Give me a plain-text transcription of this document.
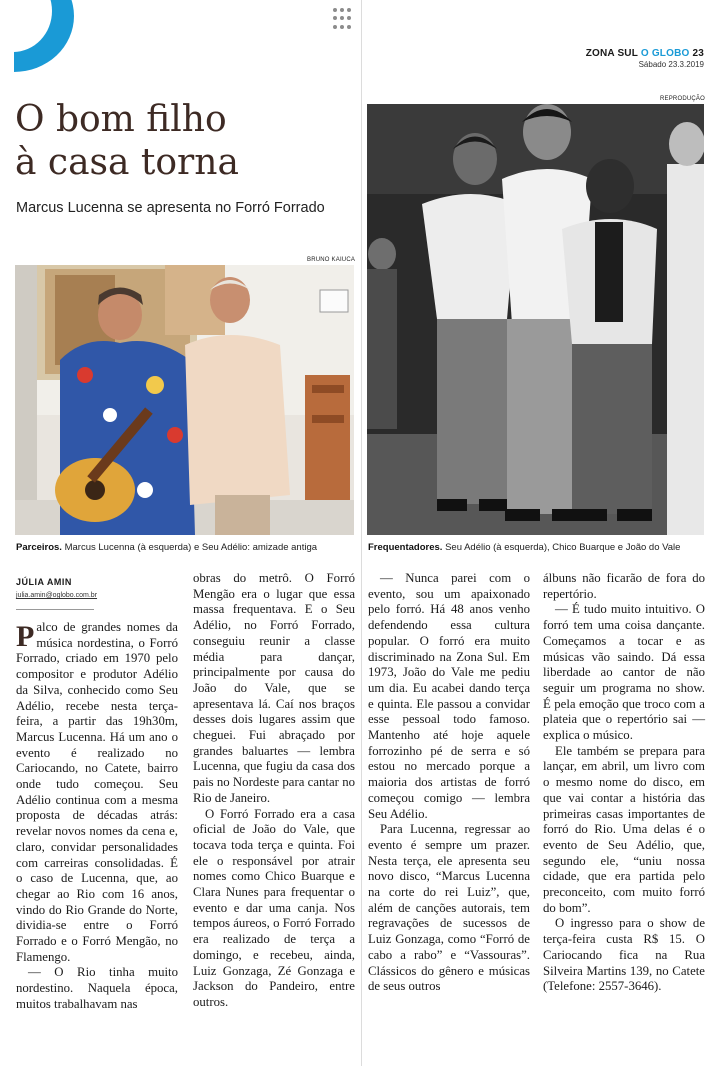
ZONA SUL O GLOBO 23
Sábado 23.3.2019
O bom filho
à casa torna
Marcus Lucenna se apresenta no Forró Forrado
BRUNO KAIUCA
Parceiros. Marcus Lucenna (à esquerda) e Seu Adélio: amizade antiga
REPRODUÇÃO
Frequentadores. Seu Adélio (à esquerda), Chico Buarque e João do Vale
JÚLIA AMIN
julia.amin@oglobo.com.br

Palco de grandes nomes da música nordestina, o Forró Forrado, criado em 1970 pelo compositor e produtor Adélio da Silva, conhecido como Seu Adélio, recebe nesta terça-feira, a partir das 19h30m, Marcus Lucenna. Há um ano o evento é realizado no Cariocando, no Catete, bairro onde tudo começou. Seu Adélio continua com a mesma proposta de décadas atrás: revelar novos nomes da cena e, claro, convidar personalidades com carreiras consolidadas. É o caso de Lucenna, que, ao chegar ao Rio com 16 anos, vindo do Rio Grande do Norte, dividia-se entre o Forró Forrado e o Forró Mengão, no Flamengo.

— O Rio tinha muito nordestino. Naquela época, muitos trabalhavam nas

obras do metrô. O Forró Mengão era o lugar que essa massa frequentava. E o Seu Adélio, no Forró Forrado, conseguiu reunir a classe média para dançar, principalmente por causa do João do Vale, que se apresentava lá. Caí nos braços desses dois lugares assim que cheguei. Fui abraçado por grandes baluartes — lembra Lucenna, que fugiu da casa dos pais no Nordeste para cantar no Rio de Janeiro.

O Forró Forrado era a casa oficial de João do Vale, que tocava toda terça e quinta. Foi ele o responsável por atrair nomes como Chico Buarque e Clara Nunes para frequentar o evento e dar uma canja. Nos tempos áureos, o Forró Forrado era realizado de terça a domingo, e recebeu, ainda, Luiz Gonzaga, Zé Gonzaga e Jackson do Pandeiro, entre outros.

— Nunca parei com o evento, sou um apaixonado pelo forró. Há 48 anos venho defendendo essa cultura popular. O forró era muito discriminado na Zona Sul. Em 1973, João do Vale me pediu um dia. Eu acabei dando terça e quinta. Ele passou a convidar esse pessoal todo famoso. Mantenho até hoje aquele forrozinho pé de serra e só estou no mercado porque a maioria dos artistas de forró começou comigo — lembra Seu Adélio.

Para Lucenna, regressar ao evento é sempre um prazer. Nesta terça, ele apresenta seu novo disco, “Marcus Lucenna na corte do rei Luiz”, que, além de canções autorais, tem regravações de sucessos de Luiz Gonzaga, como “Forró de cabo a rabo” e “Vassouras”. Clássicos do gênero e músicas de seus outros

álbuns não ficarão de fora do repertório.

— É tudo muito intuitivo. O forró tem uma coisa dançante. Começamos a tocar e as músicas vão saindo. Dá essa liberdade ao cantor de não seguir um programa no show. É pela emoção que troco com a plateia que o repertório sai — explica o músico.

Ele também se prepara para lançar, em abril, um livro com o mesmo nome do disco, em que vai contar a história das primeiras casas importantes de forró do Rio. Uma delas é o evento de Seu Adélio, que, segundo ele, “uniu nossa cidade, que era partida pelo preconceito, com muito forró do bom”.

O ingresso para o show de terça-feira custa R$ 15. O Cariocando fica na Rua Silveira Martins 139, no Catete (Telefone: 2557-3646).
